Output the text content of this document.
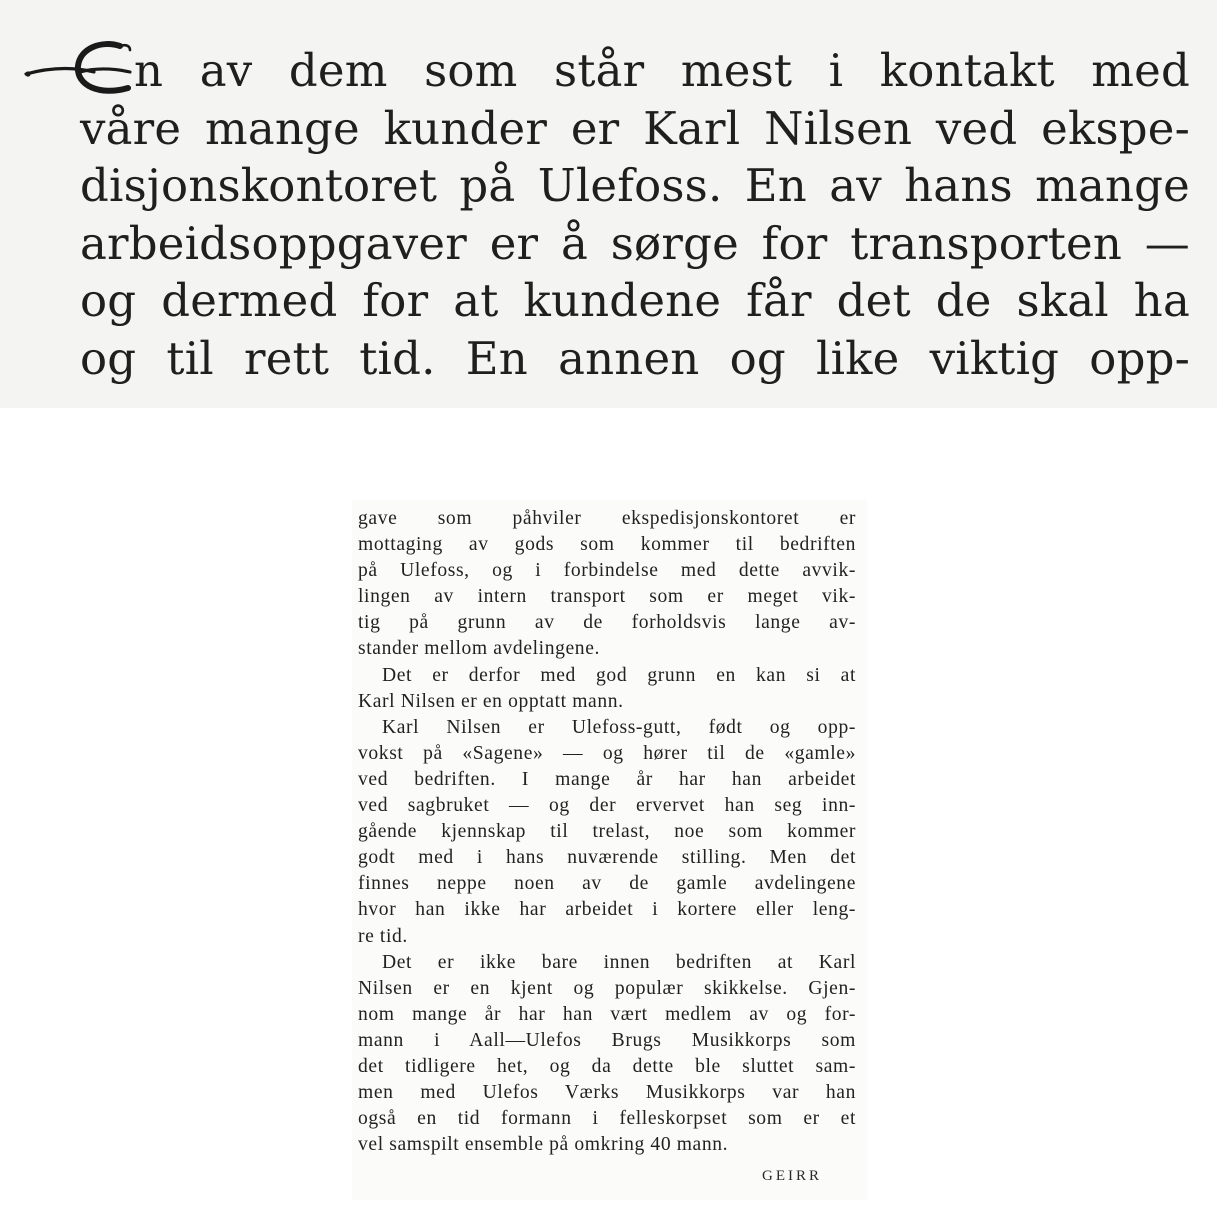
n av dem som står mest i kontakt med
våre mange kunder er Karl Nilsen ved ekspe-
disjonskontoret på Ulefoss. En av hans mange
arbeidsoppgaver er å sørge for transporten —
og dermed for at kundene får det de skal ha
og til rett tid. En annen og like viktig opp-
gave som påhviler ekspedisjonskontoret er
mottaging av gods som kommer til bedriften
på Ulefoss, og i forbindelse med dette avvik-
lingen av intern transport som er meget vik-
tig på grunn av de forholdsvis lange av-
stander mellom avdelingene.
Det er derfor med god grunn en kan si at
Karl Nilsen er en opptatt mann.
Karl Nilsen er Ulefoss-gutt, født og opp-
vokst på «Sagene» — og hører til de «gamle»
ved bedriften. I mange år har han arbeidet
ved sagbruket — og der ervervet han seg inn-
gående kjennskap til trelast, noe som kommer
godt med i hans nuværende stilling. Men det
finnes neppe noen av de gamle avdelingene
hvor han ikke har arbeidet i kortere eller leng-
re tid.
Det er ikke bare innen bedriften at Karl
Nilsen er en kjent og populær skikkelse. Gjen-
nom mange år har han vært medlem av og for-
mann i Aall—Ulefos Brugs Musikkorps som
det tidligere het, og da dette ble sluttet sam-
men med Ulefos Værks Musikkorps var han
også en tid formann i felleskorpset som er et
vel samspilt ensemble på omkring 40 mann.
GEIRR
